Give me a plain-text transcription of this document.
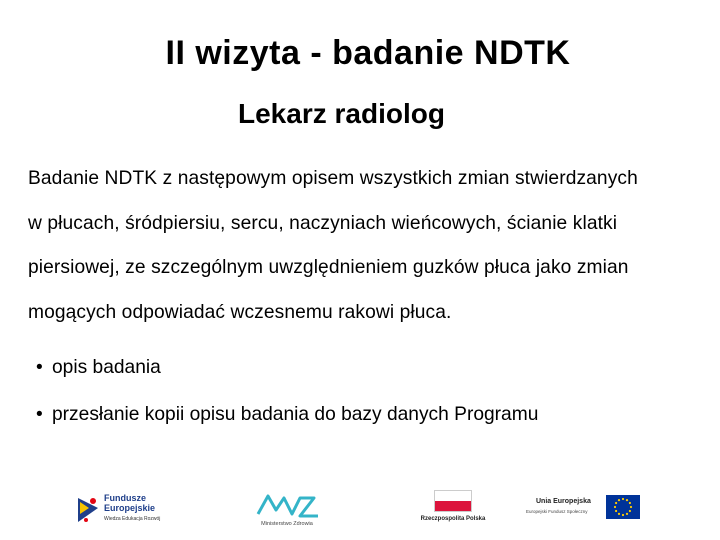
II wizyta - badanie NDTK
Lekarz radiolog
Badanie NDTK z następowym opisem wszystkich zmian stwierdzanych
w płucach, śródpiersiu, sercu, naczyniach wieńcowych, ścianie klatki
piersiowej, ze szczególnym uwzględnieniem guzków płuca jako zmian
mogących odpowiadać wczesnemu rakowi płuca.
• opis badania
• przesłanie kopii opisu badania do bazy danych Programu
Fundusze
Europejskie
Wiedza Edukacja Rozwój
Ministerstwo Zdrowia
Rzeczpospolita Polska
Unia Europejska
Europejski Fundusz Społeczny
